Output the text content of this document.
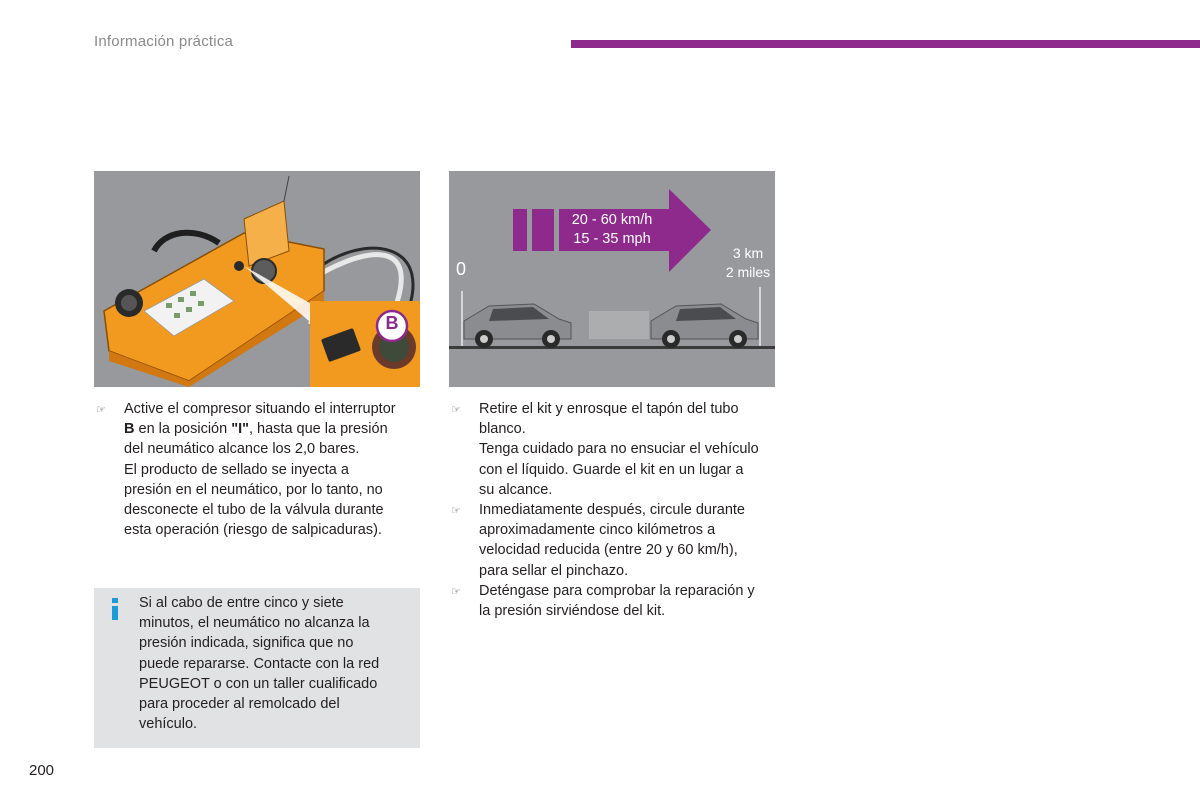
Información práctica
B
20 - 60 km/h
15 - 35 mph
0
3 km
2 miles
☞ Active el compresor situando el interruptor
B en la posición "I", hasta que la presión
del neumático alcance los 2,0 bares.
El producto de sellado se inyecta a
presión en el neumático, por lo tanto, no
desconecte el tubo de la válvula durante
esta operación (riesgo de salpicaduras).
Si al cabo de entre cinco y siete
minutos, el neumático no alcanza la
presión indicada, significa que no
puede repararse. Contacte con la red
PEUGEOT o con un taller cualificado
para proceder al remolcado del
vehículo.
☞ Retire el kit y enrosque el tapón del tubo
blanco.
Tenga cuidado para no ensuciar el vehículo
con el líquido. Guarde el kit en un lugar a
su alcance.
☞ Inmediatamente después, circule durante
aproximadamente cinco kilómetros a
velocidad reducida (entre 20 y 60 km/h),
para sellar el pinchazo.
☞ Deténgase para comprobar la reparación y
la presión sirviéndose del kit.
200
